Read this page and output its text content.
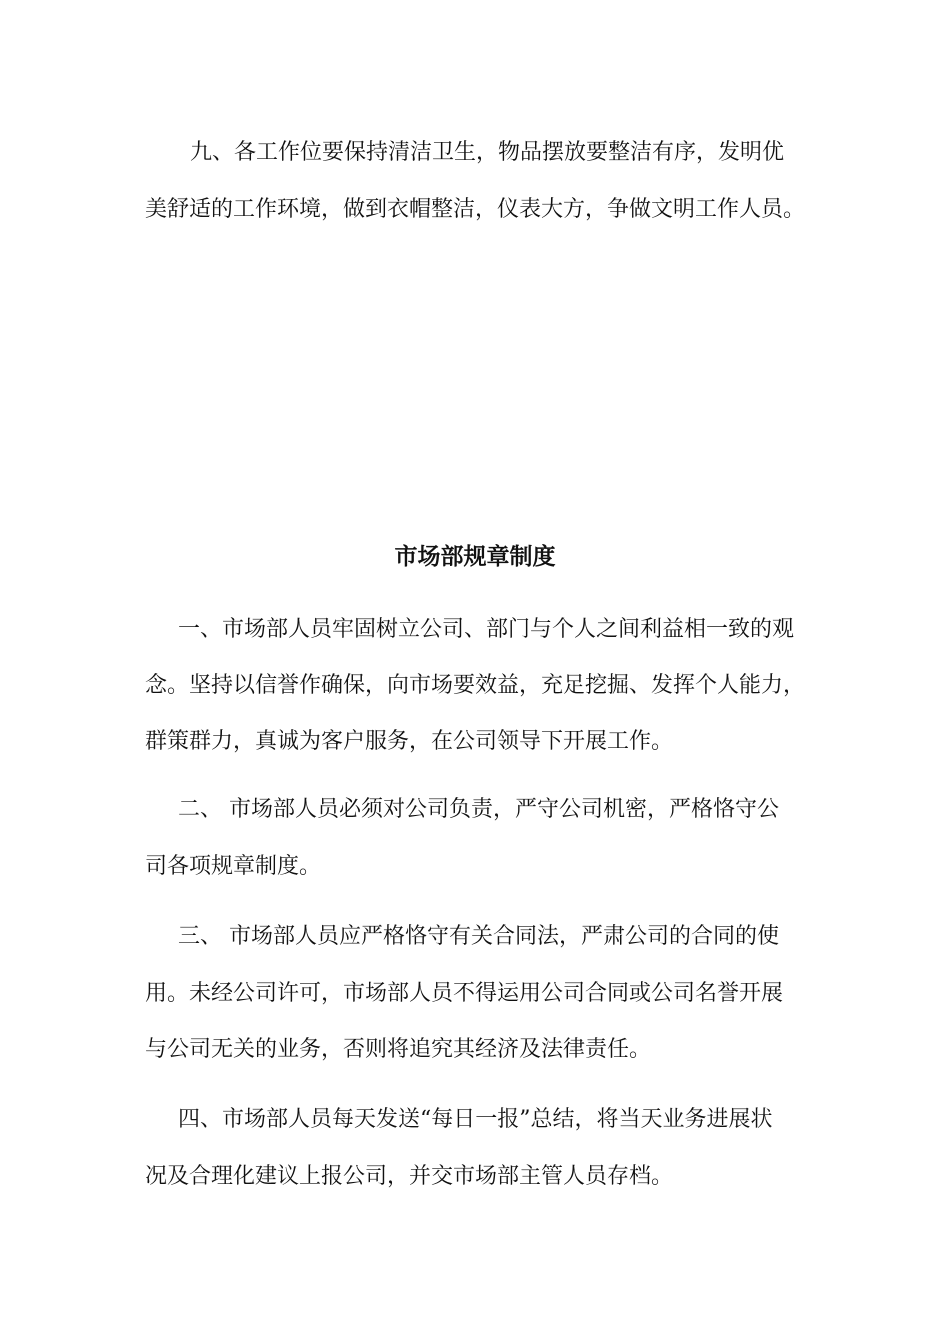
九、各工作位要保持清洁卫生，物品摆放要整洁有序，发明优

美舒适的工作环境，做到衣帽整洁，仪表大方，争做文明工作人员。

市场部规章制度

一、市场部人员牢固树立公司、部门与个人之间利益相一致的观

念。坚持以信誉作确保，向市场要效益，充足挖掘、发挥个人能力，

群策群力，真诚为客户服务，在公司领导下开展工作。

二、 市场部人员必须对公司负责，严守公司机密，严格恪守公

司各项规章制度。

三、 市场部人员应严格恪守有关合同法，严肃公司的合同的使

用。未经公司许可，市场部人员不得运用公司合同或公司名誉开展

与公司无关的业务，否则将追究其经济及法律责任。

四、市场部人员每天发送“每日一报”总结，将当天业务进展状

况及合理化建议上报公司，并交市场部主管人员存档。
